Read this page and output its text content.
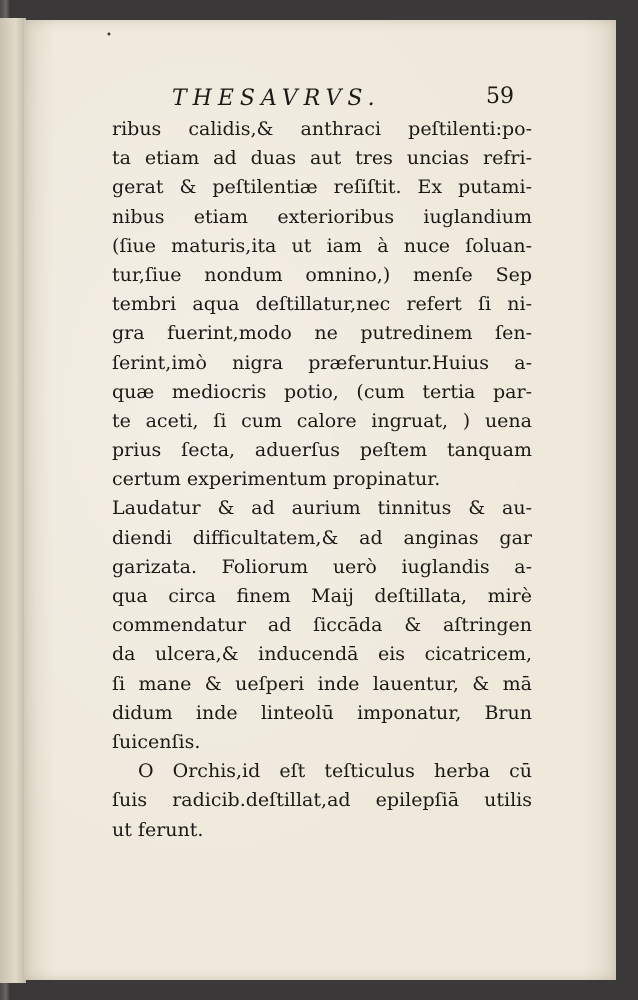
•
THESAVRVS.	59
ribus calidis,& anthraci peſtilenti:po-
ta etiam ad duas aut tres uncias refri-
gerat & peſtilentiæ reſiſtit. Ex putami-
nibus etiam exterioribus iuglandium
(ſiue maturis,ita ut iam à nuce ſoluan-
tur,ſiue nondum omnino,) menſe Sep
tembri aqua deſtillatur,nec refert ſi ni-
gra fuerint,modo ne putredinem ſen-
ſerint,imò nigra præferuntur.Huius a-
quæ mediocris potio, (cum tertia par-
te aceti, ſi cum calore ingruat, ) uena
prius ſecta, aduerſus peſtem tanquam
certum experimentum propinatur.
Laudatur & ad aurium tinnitus & au-
diendi difficultatem,& ad anginas gar
garizata. Foliorum uerò iuglandis a-
qua circa finem Maij deſtillata, mirè
commendatur ad ſiccāda & aſtringen
da ulcera,& inducendā eis cicatricem,
ſi mane & ueſperi inde lauentur, & mā
didum inde linteolū imponatur, Brun
ſuicenſis.
O Orchis,id eſt teſticulus herba cū
ſuis radicib.deſtillat,ad epilepſiā utilis
ut ferunt.
